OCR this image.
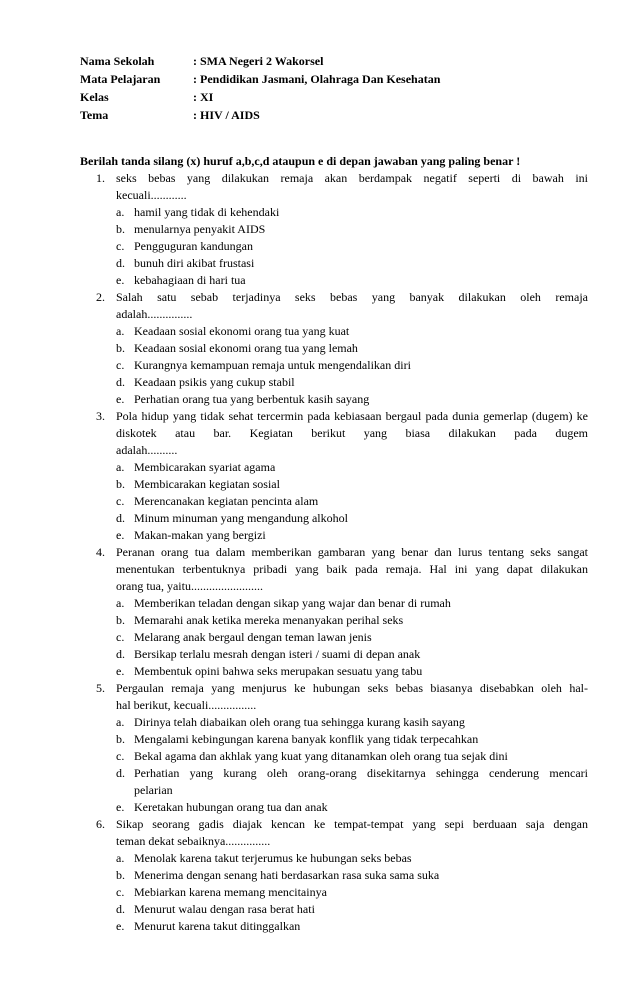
Nama Sekolah	: SMA Negeri 2 Wakorsel
Mata Pelajaran	: Pendidikan Jasmani, Olahraga Dan Kesehatan
Kelas	: XI
Tema	: HIV / AIDS
Berilah tanda silang (x) huruf a,b,c,d ataupun e di depan jawaban yang paling benar !
1. seks bebas yang dilakukan remaja akan berdampak negatif seperti di bawah ini
kecuali............
a. hamil yang tidak di kehendaki
b. menularnya penyakit AIDS
c. Pengguguran kandungan
d. bunuh diri akibat frustasi
e. kebahagiaan di hari tua
2. Salah satu sebab terjadinya seks bebas yang banyak dilakukan oleh remaja
adalah...............
a. Keadaan sosial ekonomi orang tua yang kuat
b. Keadaan sosial ekonomi orang tua yang lemah
c. Kurangnya kemampuan remaja untuk mengendalikan diri
d. Keadaan psikis yang cukup stabil
e. Perhatian orang tua yang berbentuk kasih sayang
3. Pola hidup yang tidak sehat tercermin pada kebiasaan bergaul pada dunia gemerlap (dugem) ke diskotek atau bar. Kegiatan berikut yang biasa dilakukan pada dugem
adalah..........
a. Membicarakan syariat agama
b. Membicarakan kegiatan sosial
c. Merencanakan kegiatan pencinta alam
d. Minum minuman yang mengandung alkohol
e. Makan-makan yang bergizi
4. Peranan orang tua dalam memberikan gambaran yang benar dan lurus tentang seks sangat menentukan terbentuknya pribadi yang baik pada remaja. Hal ini yang dapat dilakukan
orang tua, yaitu........................
a. Memberikan teladan dengan sikap yang wajar dan benar di rumah
b. Memarahi anak ketika mereka menanyakan perihal seks
c. Melarang anak bergaul dengan teman lawan jenis
d. Bersikap terlalu mesrah dengan isteri / suami di depan anak
e. Membentuk opini bahwa seks merupakan sesuatu yang tabu
5. Pergaulan remaja yang menjurus ke hubungan seks bebas biasanya disebabkan oleh hal-
hal berikut, kecuali................
a. Dirinya telah diabaikan oleh orang tua sehingga kurang kasih sayang
b. Mengalami kebingungan karena banyak konflik yang tidak terpecahkan
c. Bekal agama dan akhlak yang kuat yang ditanamkan oleh orang tua sejak dini
d. Perhatian yang kurang oleh orang-orang disekitarnya sehingga cenderung mencari
pelarian
e. Keretakan hubungan orang tua dan anak
6. Sikap seorang gadis diajak kencan ke tempat-tempat yang sepi berduaan saja dengan
teman dekat sebaiknya...............
a. Menolak karena takut terjerumus ke hubungan seks bebas
b. Menerima dengan senang hati berdasarkan rasa suka sama suka
c. Mebiarkan karena memang mencitainya
d. Menurut walau dengan rasa berat hati
e. Menurut karena takut ditinggalkan
